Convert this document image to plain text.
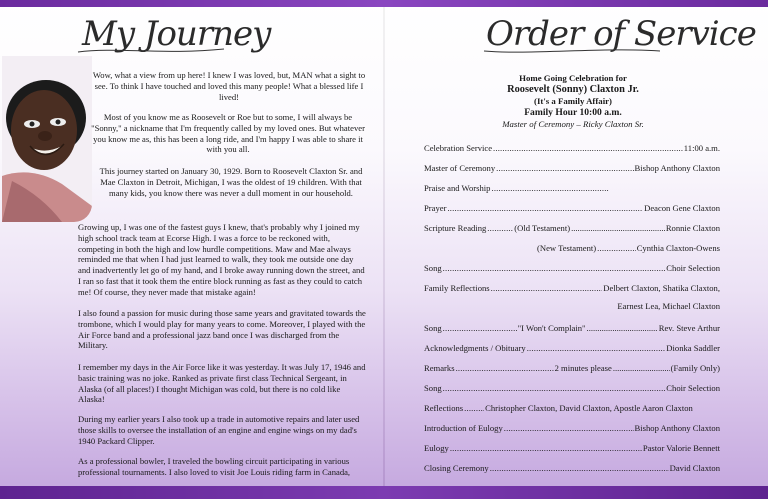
My Journey

Wow, what a view from up here! I knew I was loved, but, MAN what a sight to see. To think I have touched and loved this many people! What a blessed life I lived!

Most of you know me as Roosevelt or Roe but to some, I will always be "Sonny," a nickname that I'm frequently called by my loved ones. But whatever you know me as, this has been a long ride, and I'm happy I was able to share it with you all.

This journey started on January 30, 1929. Born to Roosevelt Claxton Sr. and Mae Claxton in Detroit, Michigan, I was the oldest of 19 children. With that many kids, you know there was never a dull moment in our household.

Growing up, I was one of the fastest guys I knew, that's probably why I joined my high school track team at Ecorse High. I was a force to be reckoned with, competing in both the high and low hurdle competitions. Maw and Mae always reminded me that when I had just learned to walk, they took me outside one day and inadvertently let go of my hand, and I broke away running down the street, and I ran so fast that it took them the entire block running as fast as they could to catch me! Of course, they never made that mistake again!

I also found a passion for music during those same years and gravitated towards the trombone, which I would play for many years to come. Moreover, I played with the Air Force band and a professional jazz band once I was discharged from the Military.

I remember my days in the Air Force like it was yesterday. It was July 17, 1946 and basic training was no joke. Ranked as private first class Technical Sergeant, in Alaska (of all places!) I thought Michigan was cold, but there is no cold like Alaska!

During my earlier years I also took up a trade in automotive repairs and later used those skills to oversee the installation of an engine and engine wings on my dad's 1940 Packard Clipper.

As a professional bowler, I traveled the bowling circuit participating in various professional tournaments. I also loved to visit Joe Louis riding farm in Canada,

Order of Service
Home Going Celebration for
Roosevelt (Sonny) Claxton Jr.
(It's a Family Affair)
Family Hour 10:00 a.m.
Master of Ceremony – Ricky Claxton Sr.
Celebration Service .....	11:00 a.m.
Master of Ceremony .....	Bishop Anthony Claxton
Praise and Worship
.....
Prayer .....	Deacon Gene Claxton
Scripture Reading .....	(Old Testament) .....	Ronnie Claxton
(New Testament) .....	Cynthia Claxton-Owens
Song .....	Choir Selection
Family Reflections .....	Delbert Claxton, Shatika Claxton,
Earnest Lea, Michael Claxton
Song .....	"I Won't Complain" .....	Rev. Steve Arthur
Acknowledgments / Obituary .....	Dionka Saddler
Remarks .....	2 minutes please .....	(Family Only)
Song .....	Choir Selection
Reflections .....	Christopher Claxton, David Claxton, Apostle Aaron Claxton
Introduction of Eulogy .....	Bishop Anthony Claxton
Eulogy .....	Pastor Valorie Bennett
Closing Ceremony .....	David Claxton
